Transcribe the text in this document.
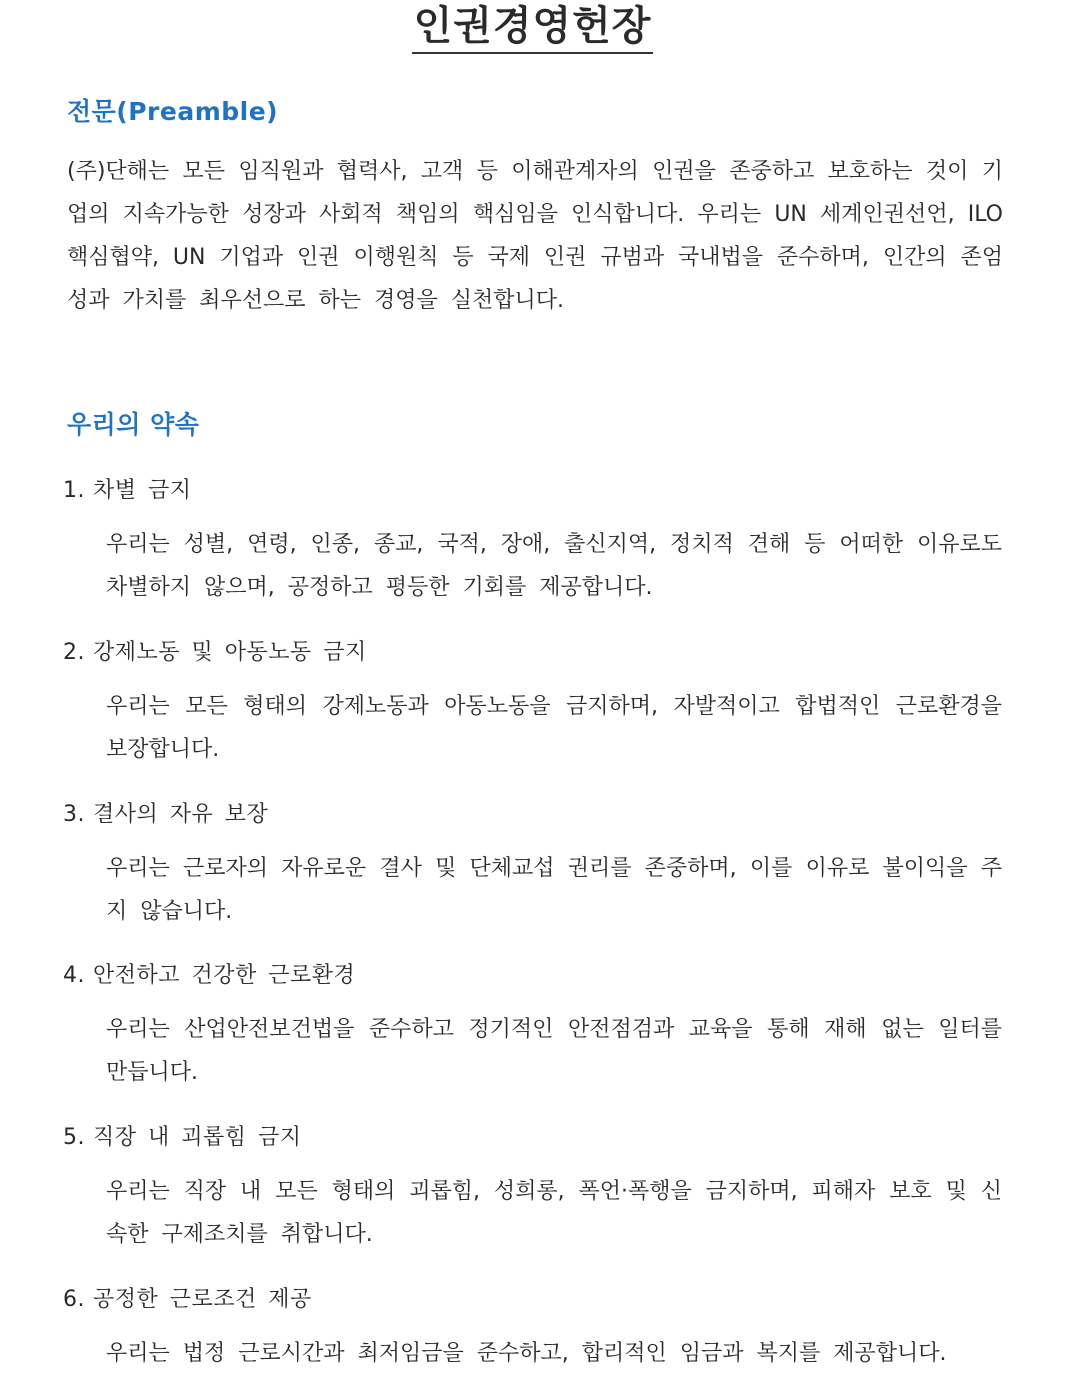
인권경영헌장
전문(Preamble)
(주)단해는 모든 임직원과 협력사, 고객 등 이해관계자의 인권을 존중하고 보호하는 것이 기업의 지속가능한 성장과 사회적 책임의 핵심임을 인식합니다. 우리는 UN 세계인권선언, ILO 핵심협약, UN 기업과 인권 이행원칙 등 국제 인권 규범과 국내법을 준수하며, 인간의 존엄성과 가치를 최우선으로 하는 경영을 실천합니다.
우리의 약속
1. 차별 금지
우리는 성별, 연령, 인종, 종교, 국적, 장애, 출신지역, 정치적 견해 등 어떠한 이유로도 차별하지 않으며, 공정하고 평등한 기회를 제공합니다.
2. 강제노동 및 아동노동 금지
우리는 모든 형태의 강제노동과 아동노동을 금지하며, 자발적이고 합법적인 근로환경을 보장합니다.
3. 결사의 자유 보장
우리는 근로자의 자유로운 결사 및 단체교섭 권리를 존중하며, 이를 이유로 불이익을 주지 않습니다.
4. 안전하고 건강한 근로환경
우리는 산업안전보건법을 준수하고 정기적인 안전점검과 교육을 통해 재해 없는 일터를 만듭니다.
5. 직장 내 괴롭힘 금지
우리는 직장 내 모든 형태의 괴롭힘, 성희롱, 폭언·폭행을 금지하며, 피해자 보호 및 신속한 구제조치를 취합니다.
6. 공정한 근로조건 제공
우리는 법정 근로시간과 최저임금을 준수하고, 합리적인 임금과 복지를 제공합니다.
